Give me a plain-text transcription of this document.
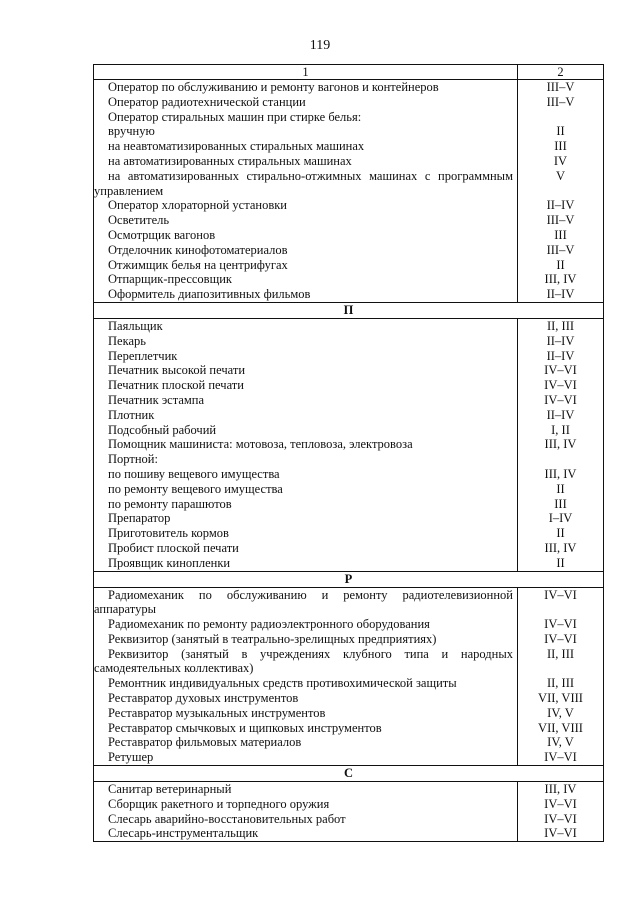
119
1	2
Оператор по обслуживанию и ремонту вагонов и контейнеров	III–V
Оператор радиотехнической станции	III–V
Оператор стиральных машин при стирке белья:	
вручную	II
на неавтоматизированных стиральных машинах	III
на автоматизированных стиральных машинах	IV
на автоматизированных стирально-отжимных машинах с программным управлением	V
Оператор хлораторной установки	II–IV
Осветитель	III–V
Осмотрщик вагонов	III
Отделочник кинофотоматериалов	III–V
Отжимщик белья на центрифугах	II
Отпарщик-прессовщик	III, IV
Оформитель диапозитивных фильмов	II–IV
П	
Паяльщик	II, III
Пекарь	II–IV
Переплетчик	II–IV
Печатник высокой печати	IV–VI
Печатник плоской печати	IV–VI
Печатник эстампа	IV–VI
Плотник	II–IV
Подсобный рабочий	I, II
Помощник машиниста: мотовоза, тепловоза, электровоза	III, IV
Портной:	
по пошиву вещевого имущества	III, IV
по ремонту вещевого имущества	II
по ремонту парашютов	III
Препаратор	I–IV
Приготовитель кормов	II
Пробист плоской печати	III, IV
Проявщик кинопленки	II
Р	
Радиомеханик по обслуживанию и ремонту радиотелевизионной аппаратуры	IV–VI
Радиомеханик по ремонту радиоэлектронного оборудования	IV–VI
Реквизитор (занятый в театрально-зрелищных предприятиях)	IV–VI
Реквизитор (занятый в учреждениях клубного типа и народных самодеятельных коллективах)	II, III
Ремонтник индивидуальных средств противохимической защиты	II, III
Реставратор духовых инструментов	VII, VIII
Реставратор музыкальных инструментов	IV, V
Реставратор смычковых и щипковых инструментов	VII, VIII
Реставратор фильмовых материалов	IV, V
Ретушер	IV–VI
С	
Санитар ветеринарный	III, IV
Сборщик ракетного и торпедного оружия	IV–VI
Слесарь аварийно-восстановительных работ	IV–VI
Слесарь-инструментальщик	IV–VI
